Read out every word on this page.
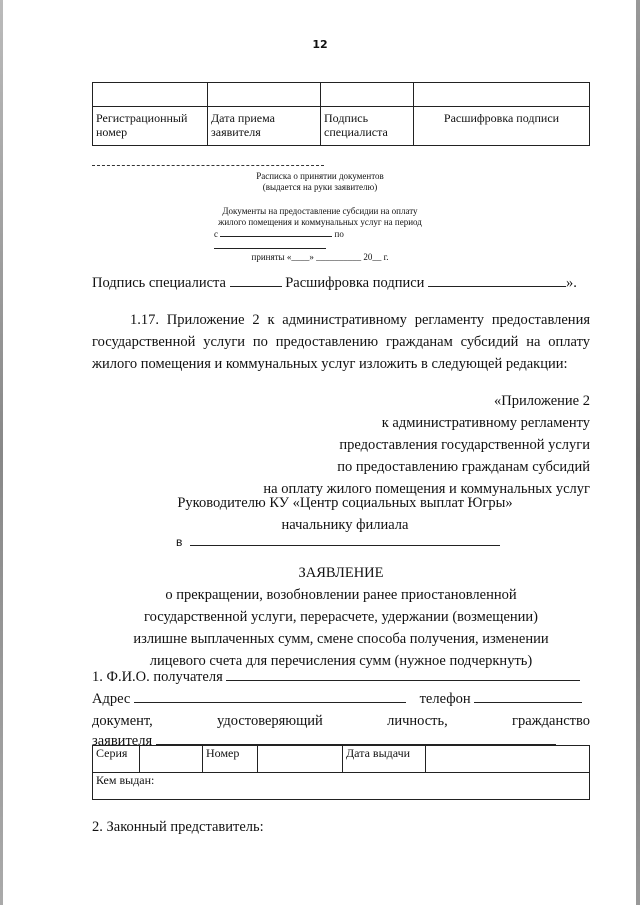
12

Регистрационный номер	Дата приема заявителя	Подпись специалиста	Расшифровка подписи
Расписка о принятии документов
(выдается на руки заявителю)
Документы на предоставление субсидии на оплату
жилого помещения и коммунальных услуг на период
с	по
приняты «____» __________ 20__ г.
Подпись специалиста	Расшифровка подписи	».
1.17. Приложение 2 к административному регламенту предоставления государственной услуги по предоставлению гражданам субсидий на оплату жилого помещения и коммунальных услуг изложить в следующей редакции:
«Приложение 2
к административному регламенту
предоставления государственной услуги
по предоставлению гражданам субсидий
на оплату жилого помещения и коммунальных услуг
Руководителю КУ «Центр социальных выплат Югры»
начальнику филиала
в
ЗАЯВЛЕНИЕ
о прекращении, возобновлении ранее приостановленной
государственной услуги, перерасчете, удержании (возмещении)
излишне выплаченных сумм, смене способа получения, изменении
лицевого счета для перечисления сумм (нужное подчеркнуть)
1. Ф.И.О. получателя
Адрес	телефон
документ,	удостоверяющий	личность,	гражданство
заявителя
Серия		Номер		Дата выдачи	
Кем выдан:
2. Законный представитель:
